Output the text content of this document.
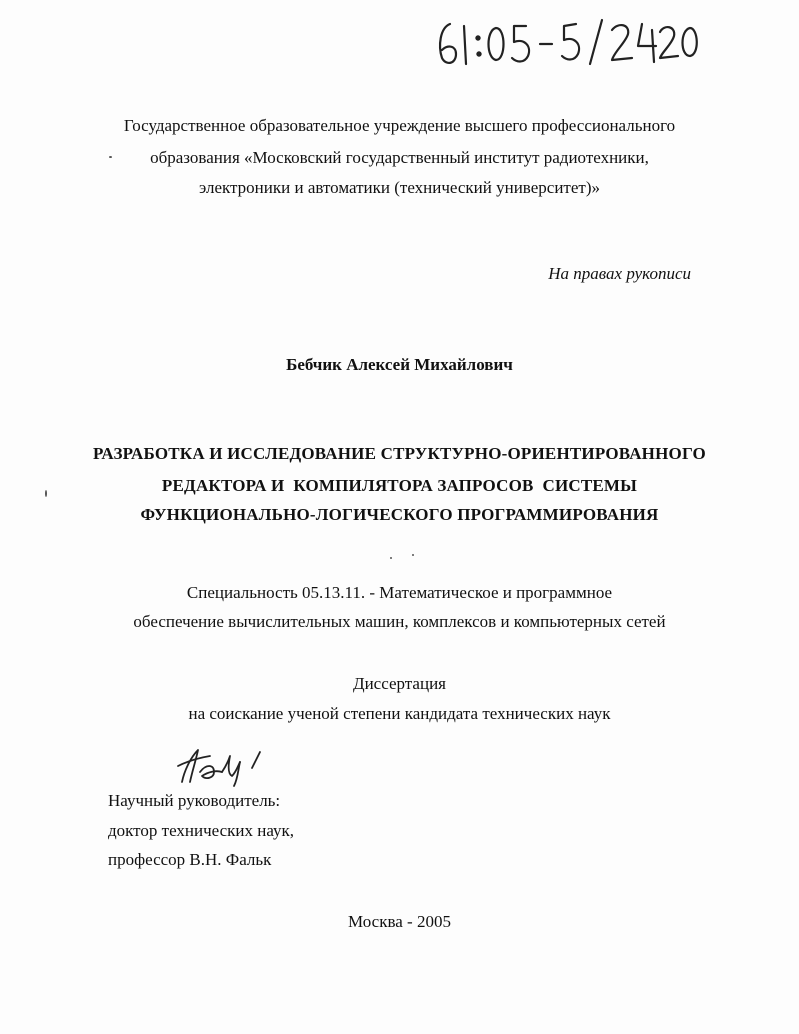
Государственное образовательное учреждение высшего профессионального
образования «Московский государственный институт радиотехники,
электроники и автоматики (технический университет)»
На правах рукописи
Бебчик Алексей Михайлович
РАЗРАБОТКА И ИССЛЕДОВАНИЕ СТРУКТУРНО-ОРИЕНТИРОВАННОГО
РЕДАКТОРА И  КОМПИЛЯТОРА ЗАПРОСОВ  СИСТЕМЫ
ФУНКЦИОНАЛЬНО-ЛОГИЧЕСКОГО ПРОГРАММИРОВАНИЯ
Специальность 05.13.11. - Математическое и программное
обеспечение вычислительных машин, комплексов и компьютерных сетей
Диссертация
на соискание ученой степени кандидата технических наук
Научный руководитель:
доктор технических наук,
профессор В.Н. Фальк
Москва - 2005
